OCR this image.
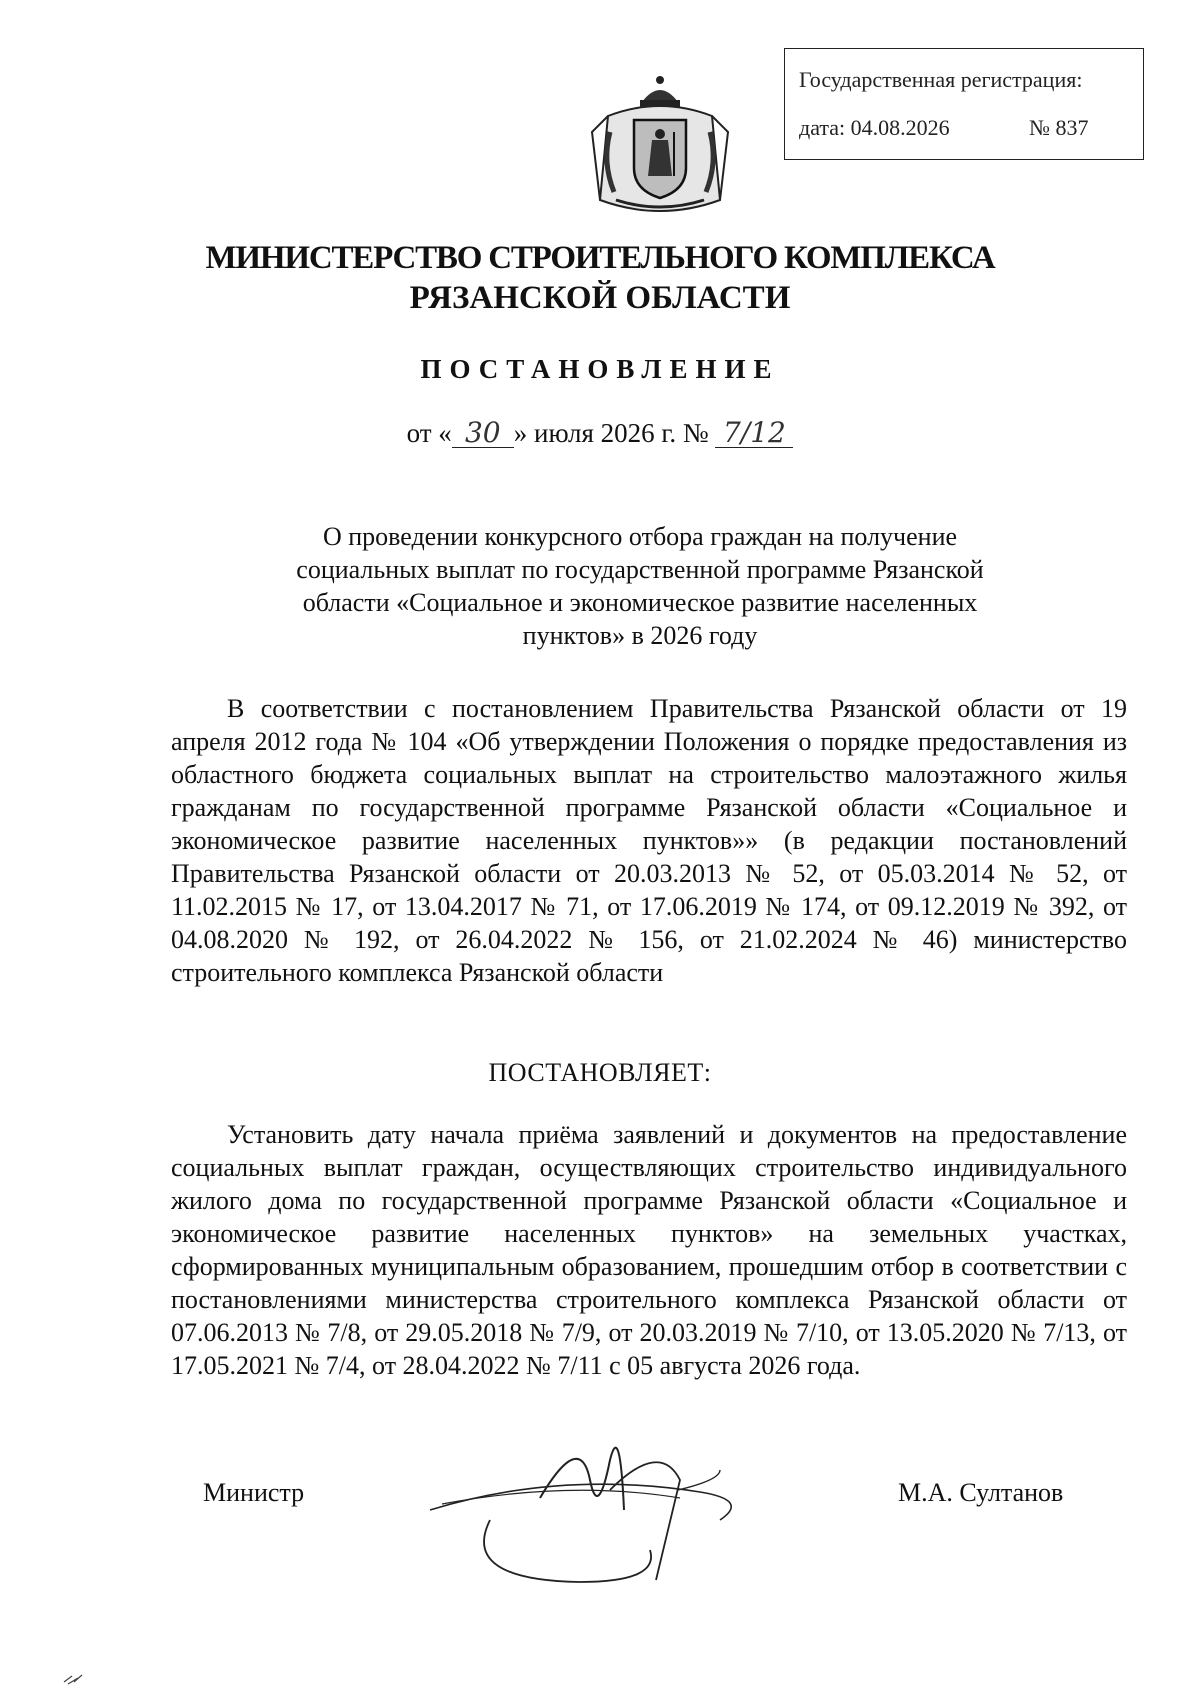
Государственная регистрация:
дата: 04.08.2026	№ 837
МИНИСТЕРСТВО СТРОИТЕЛЬНОГО КОМПЛЕКСА
РЯЗАНСКОЙ ОБЛАСТИ
ПОСТАНОВЛЕНИЕ
от « 30 » июля 2026 г. № 7/12
О проведении конкурсного отбора граждан на получение социальных выплат по государственной программе Рязанской области «Социальное и экономическое развитие населенных пунктов» в 2026 году
В соответствии с постановлением Правительства Рязанской области от 19 апреля 2012 года № 104 «Об утверждении Положения о порядке предоставления из областного бюджета социальных выплат на строительство малоэтажного жилья гражданам по государственной программе Рязанской области «Социальное и экономическое развитие населенных пунктов»» (в редакции постановлений Правительства Рязанской области от 20.03.2013 № 52, от 05.03.2014 № 52, от 11.02.2015 № 17, от 13.04.2017 № 71, от 17.06.2019 № 174, от 09.12.2019 № 392, от 04.08.2020 № 192, от 26.04.2022 № 156, от 21.02.2024 № 46) министерство строительного комплекса Рязанской области
ПОСТАНОВЛЯЕТ:
Установить дату начала приёма заявлений и документов на предоставление социальных выплат граждан, осуществляющих строительство индивидуального жилого дома по государственной программе Рязанской области «Социальное и экономическое развитие населенных пунктов» на земельных участках, сформированных муниципальным образованием, прошедшим отбор в соответствии с постановлениями министерства строительного комплекса Рязанской области от 07.06.2013 № 7/8, от 29.05.2018 № 7/9, от 20.03.2019 № 7/10, от 13.05.2020 № 7/13, от 17.05.2021 № 7/4, от 28.04.2022 № 7/11 с 05 августа 2026 года.
Министр	М.А. Султанов
